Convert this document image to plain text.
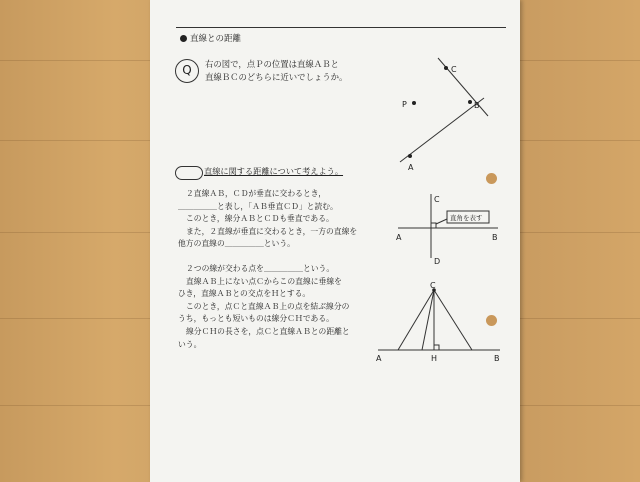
直線との距離
Q	右の図で，点Ｐの位置は直線ＡＢと
直線ＢＣのどちらに近いでしょうか。
直線に関する距離について考えよう。
２直線ＡＢ，ＣＤが垂直に交わるとき，
＿＿＿＿＿と表し，「ＡＢ垂直ＣＤ」と読む。
このとき，線分ＡＢとＣＤも垂直である。
また，２直線が垂直に交わるとき，一方の直線を
他方の直線の＿＿＿＿＿という。
２つの線が交わる点を＿＿＿＿＿という。
直線ＡＢ上にない点Ｃからこの直線に垂線を
ひき，直線ＡＢとの交点をＨとする。
このとき，点Ｃと直線ＡＢ上の点を結ぶ線分の
うち，もっとも短いものは線分ＣＨである。
線分ＣＨの長さを，点Ｃと直線ＡＢとの距離と
いう。
C
B
P
A
C
A	B
D
直角を表す
C
A	H	B
